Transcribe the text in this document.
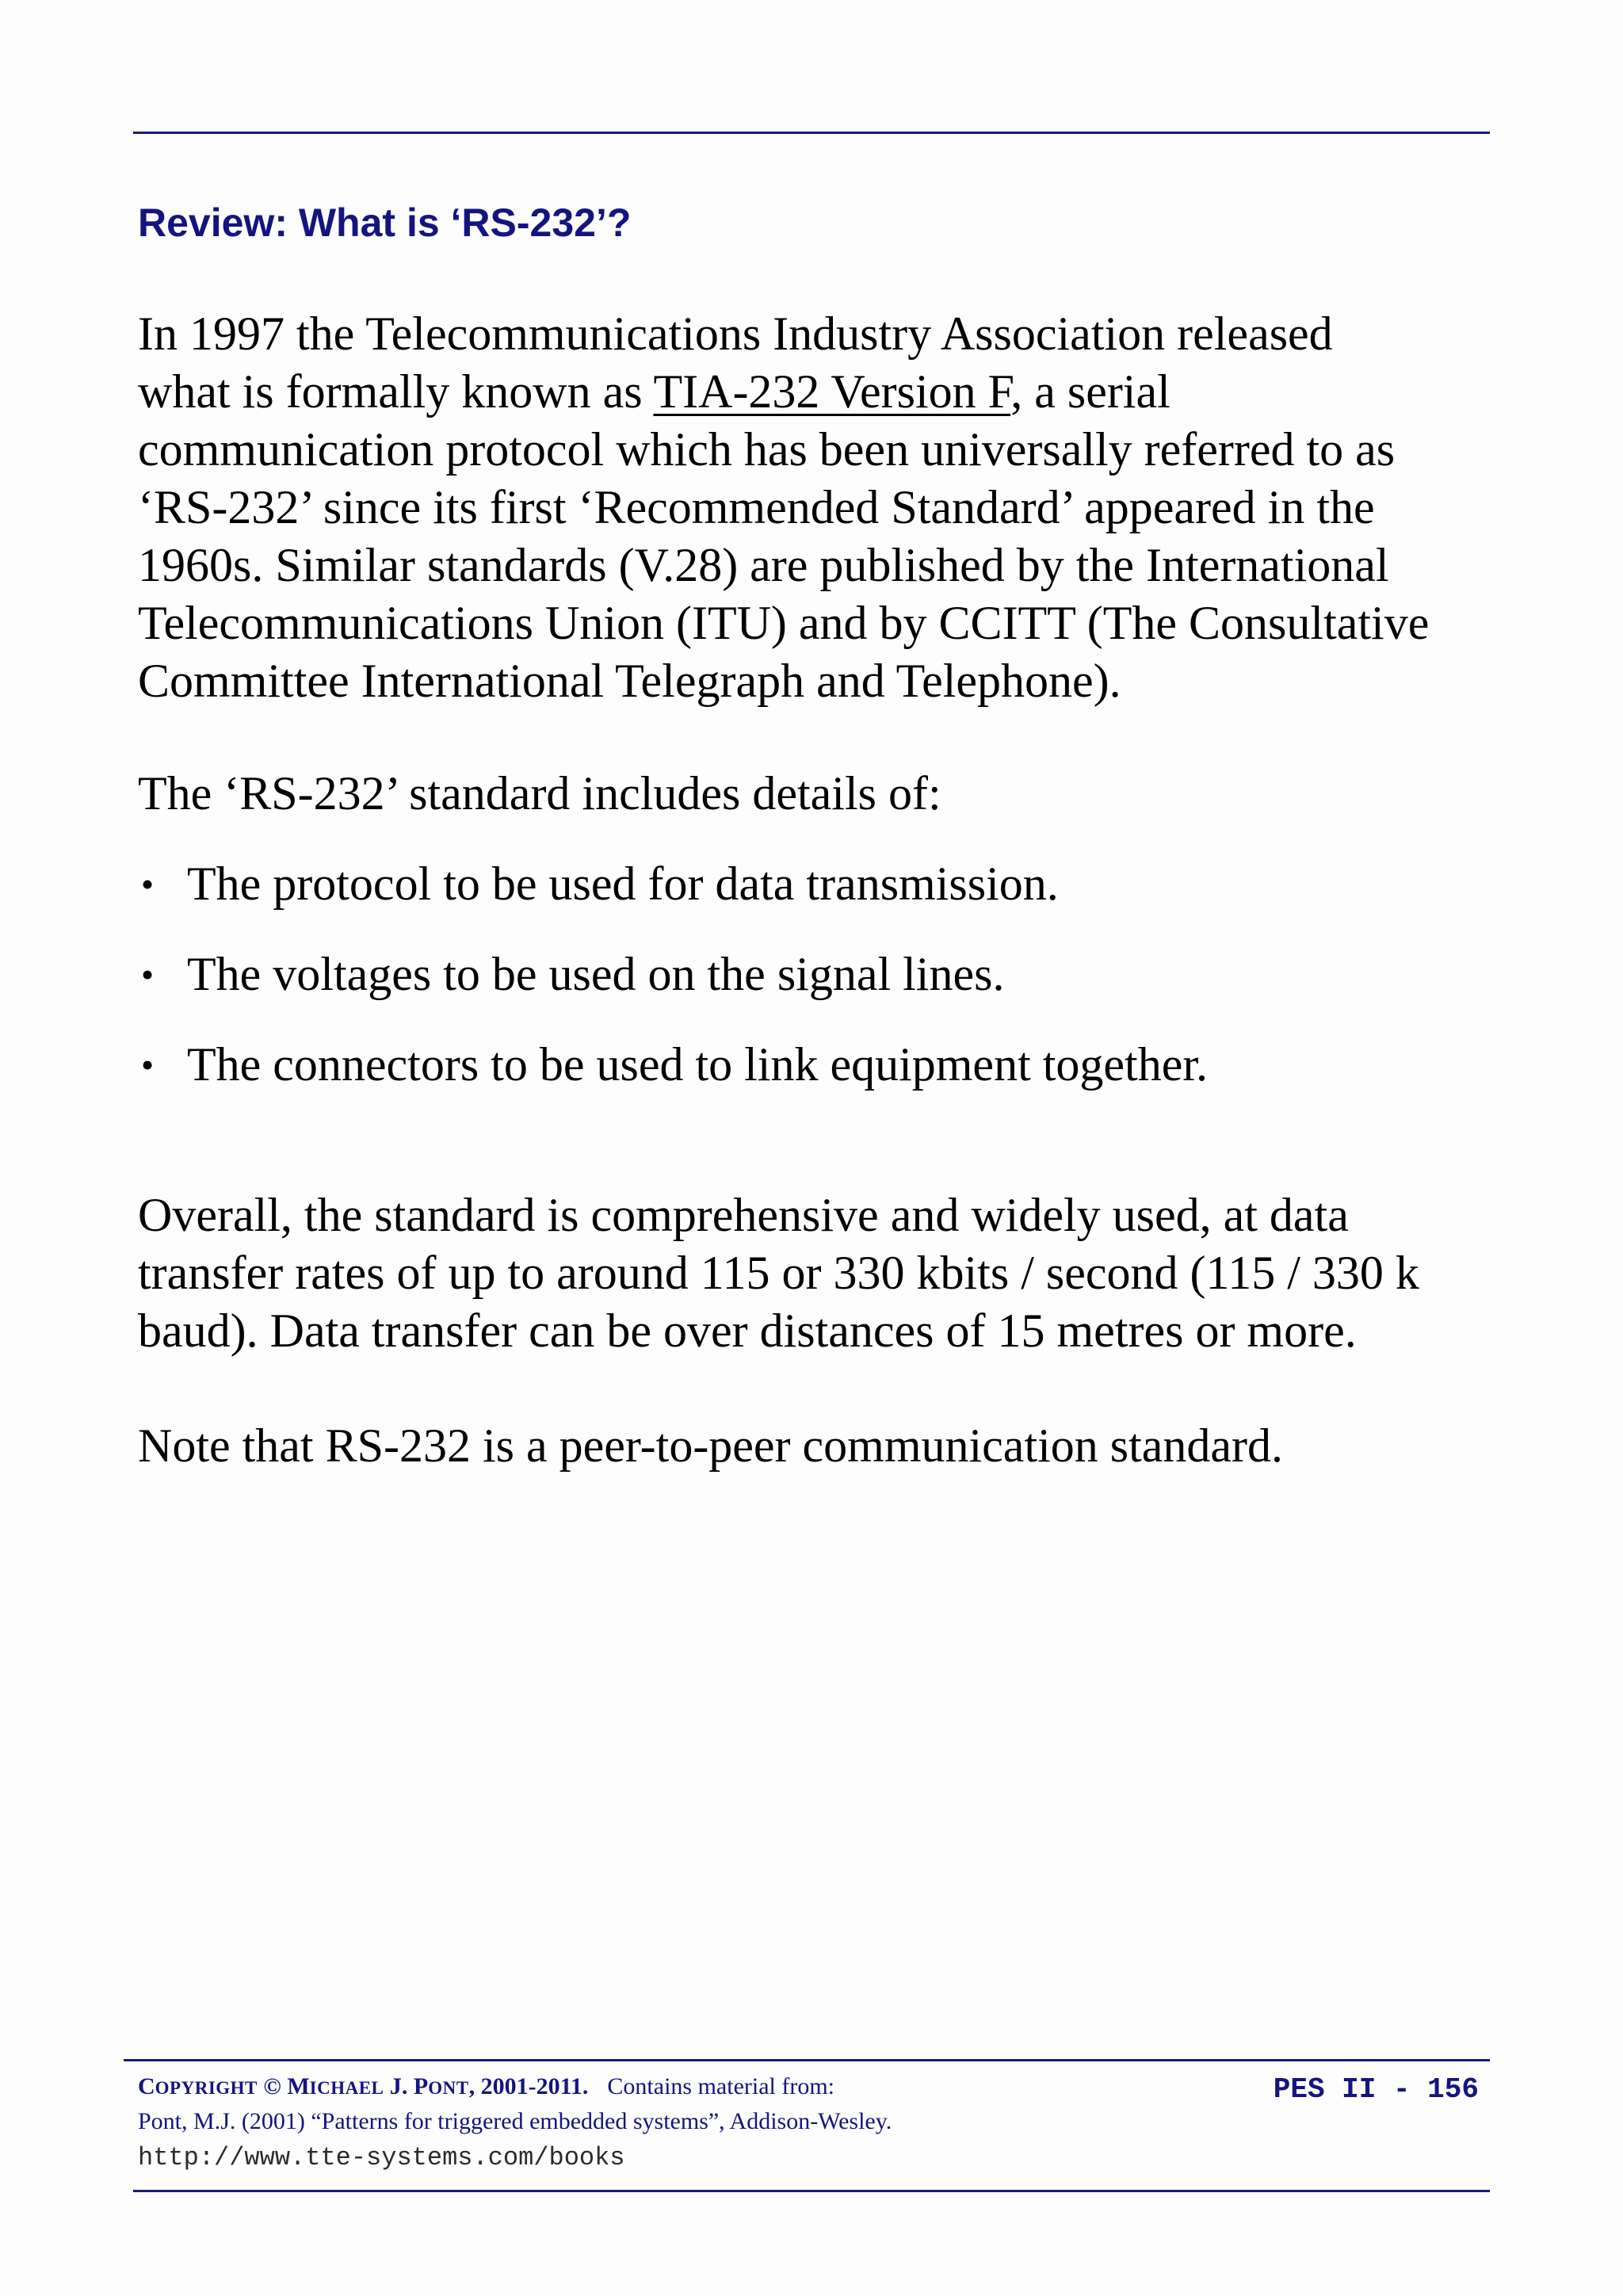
Review: What is ‘RS-232’?
In 1997 the Telecommunications Industry Association released
what is formally known as TIA-232 Version F, a serial
communication protocol which has been universally referred to as
‘RS-232’ since its first ‘Recommended Standard’ appeared in the
1960s. Similar standards (V.28) are published by the International
Telecommunications Union (ITU) and by CCITT (The Consultative
Committee International Telegraph and Telephone).

The ‘RS-232’ standard includes details of:

• The protocol to be used for data transmission.
• The voltages to be used on the signal lines.
• The connectors to be used to link equipment together.
Overall, the standard is comprehensive and widely used, at data
transfer rates of up to around 115 or 330 kbits / second (115 / 330 k
baud). Data transfer can be over distances of 15 metres or more.

Note that RS-232 is a peer-to-peer communication standard.

COPYRIGHT © MICHAEL J. PONT, 2001-2011. Contains material from:	PES II - 156
Pont, M.J. (2001) “Patterns for triggered embedded systems”, Addison-Wesley.
http://www.tte-systems.com/books
